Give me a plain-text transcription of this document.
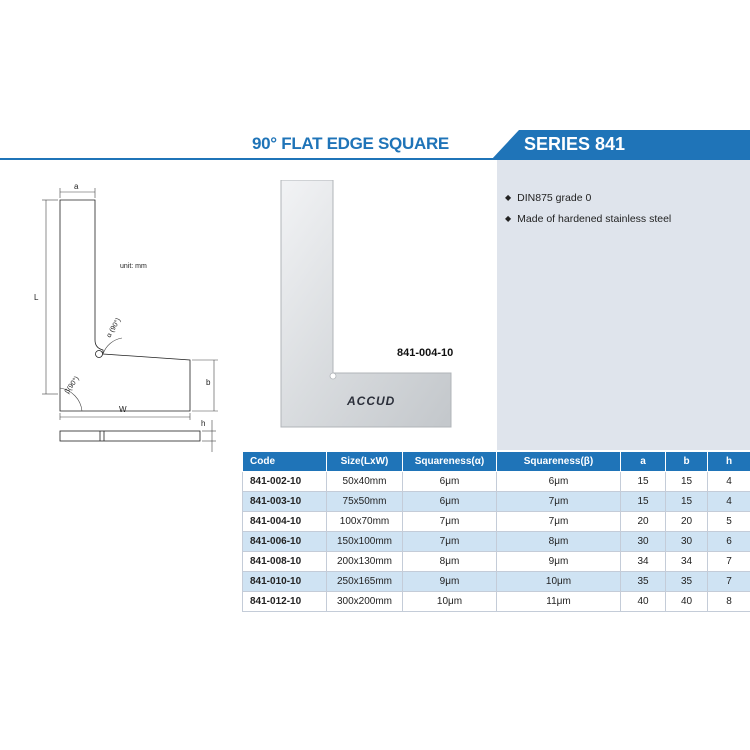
90° FLAT EDGE SQUARE	SERIES 841
a
L
b
W
h
unit: mm
α (90°)
β(90°)
ACCUD
841-004-10
◆ DIN875 grade 0
◆ Made of hardened stainless steel
Code	Size(LxW)	Squareness(α)	Squareness(β)	a	b	h
841-002-10	50x40mm	6μm	6μm	15	15	4
841-003-10	75x50mm	6μm	7μm	15	15	4
841-004-10	100x70mm	7μm	7μm	20	20	5
841-006-10	150x100mm	7μm	8μm	30	30	6
841-008-10	200x130mm	8μm	9μm	34	34	7
841-010-10	250x165mm	9μm	10μm	35	35	7
841-012-10	300x200mm	10μm	11μm	40	40	8
